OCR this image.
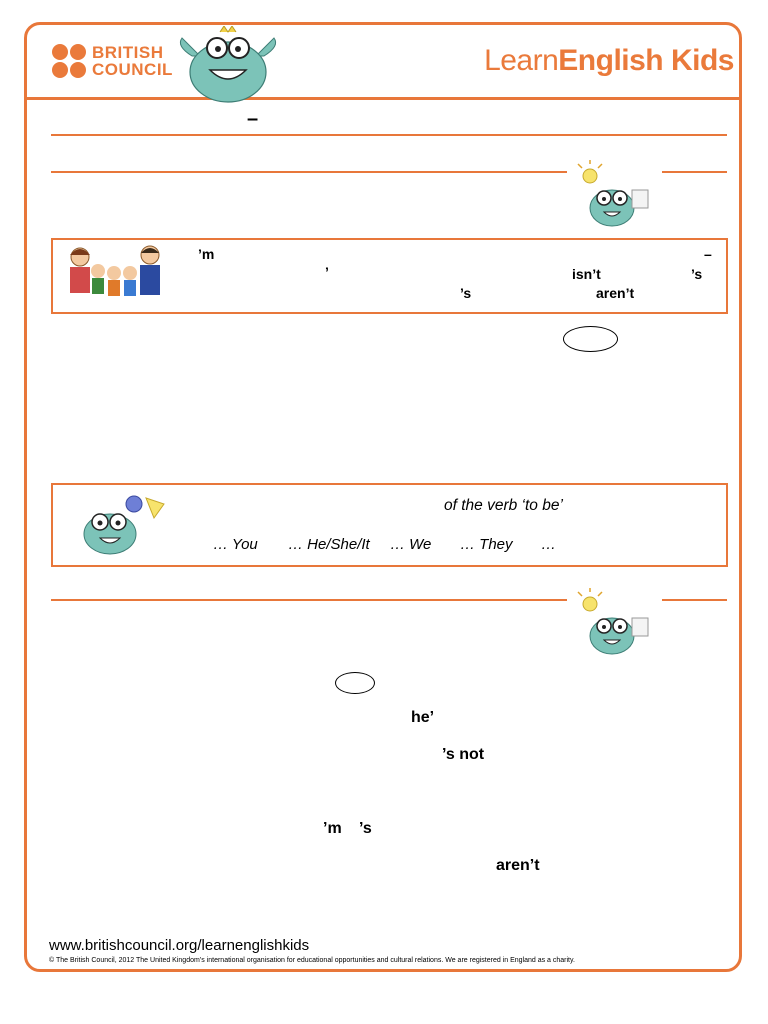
BRITISH
COUNCIL	LearnEnglish Kids
–
’m	–
’	isn’t	’s
’s	aren’t
of the verb ‘to be’
… You … He/She/It … We … They …
he’
’s not
’m ’s
aren’t
www.britishcouncil.org/learnenglishkids
© The British Council, 2012 The United Kingdom’s international organisation for educational opportunities and cultural relations. We are registered in England as a charity.
